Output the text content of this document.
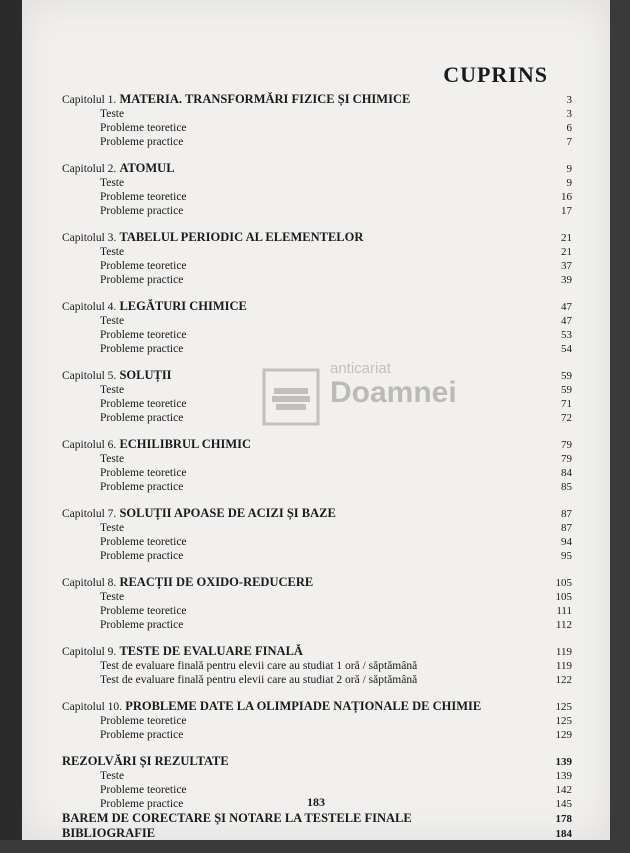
CUPRINS
Capitolul 1. MATERIA. TRANSFORMĂRI FIZICE ȘI CHIMICE	3
Teste	3
Probleme teoretice	6
Probleme practice	7
Capitolul 2. ATOMUL	9
Teste	9
Probleme teoretice	16
Probleme practice	17
Capitolul 3. TABELUL PERIODIC AL ELEMENTELOR	21
Teste	21
Probleme teoretice	37
Probleme practice	39
Capitolul 4. LEGĂTURI CHIMICE	47
Teste	47
Probleme teoretice	53
Probleme practice	54
Capitolul 5. SOLUȚII	59
Teste	59
Probleme teoretice	71
Probleme practice	72
Capitolul 6. ECHILIBRUL CHIMIC	79
Teste	79
Probleme teoretice	84
Probleme practice	85
Capitolul 7. SOLUȚII APOASE DE ACIZI ȘI BAZE	87
Teste	87
Probleme teoretice	94
Probleme practice	95
Capitolul 8. REACȚII DE OXIDO-REDUCERE	105
Teste	105
Probleme teoretice	111
Probleme practice	112
Capitolul 9. TESTE DE EVALUARE FINALĂ	119
Test de evaluare finală pentru elevii care au studiat 1 oră / săptămână	119
Test de evaluare finală pentru elevii care au studiat 2 oră / săptămână	122
Capitolul 10. PROBLEME DATE LA OLIMPIADE NAȚIONALE DE CHIMIE	125
Probleme teoretice	125
Probleme practice	129
REZOLVĂRI ȘI REZULTATE	139
Teste	139
Probleme teoretice	142
Probleme practice	145
BAREM DE CORECTARE ȘI NOTARE LA TESTELE FINALE	178
BIBLIOGRAFIE	184
anticariat
Doamnei
183
